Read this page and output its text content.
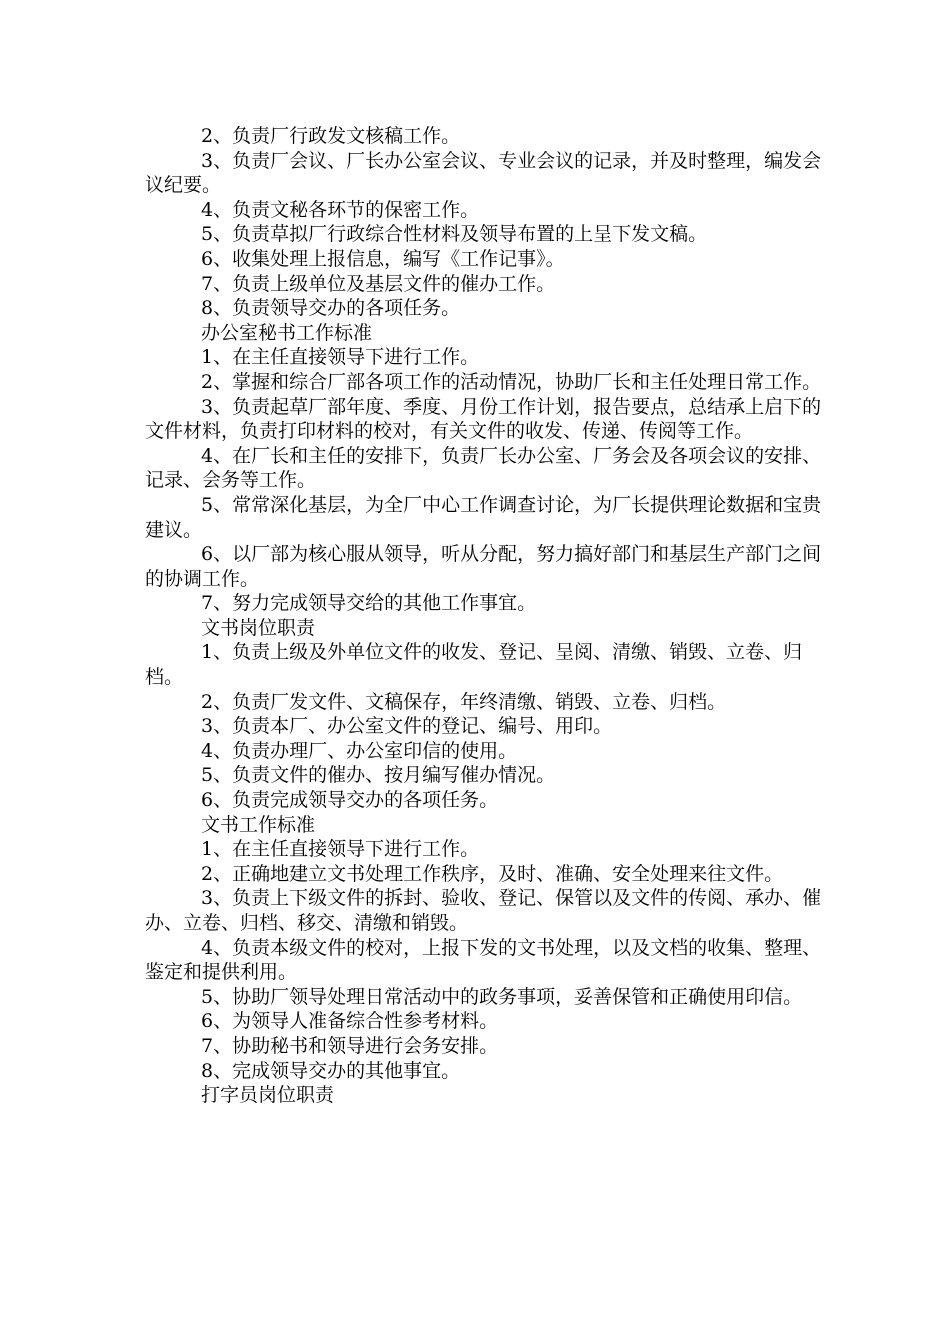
2、负责厂行政发文核稿工作。

3、负责厂会议、厂长办公室会议、专业会议的记录，并及时整理，编发会议纪要。

4、负责文秘各环节的保密工作。

5、负责草拟厂行政综合性材料及领导布置的上呈下发文稿。

6、收集处理上报信息，编写《工作记事》。

7、负责上级单位及基层文件的催办工作。

8、负责领导交办的各项任务。

办公室秘书工作标准

1、在主任直接领导下进行工作。

2、掌握和综合厂部各项工作的活动情况，协助厂长和主任处理日常工作。

3、负责起草厂部年度、季度、月份工作计划，报告要点，总结承上启下的文件材料，负责打印材料的校对，有关文件的收发、传递、传阅等工作。

4、在厂长和主任的安排下，负责厂长办公室、厂务会及各项会议的安排、记录、会务等工作。

5、常常深化基层，为全厂中心工作调查讨论，为厂长提供理论数据和宝贵建议。

6、以厂部为核心服从领导，听从分配，努力搞好部门和基层生产部门之间的协调工作。

7、努力完成领导交给的其他工作事宜。

文书岗位职责

1、负责上级及外单位文件的收发、登记、呈阅、清缴、销毁、立卷、归档。

2、负责厂发文件、文稿保存，年终清缴、销毁、立卷、归档。

3、负责本厂、办公室文件的登记、编号、用印。

4、负责办理厂、办公室印信的使用。

5、负责文件的催办、按月编写催办情况。

6、负责完成领导交办的各项任务。

文书工作标准

1、在主任直接领导下进行工作。

2、正确地建立文书处理工作秩序，及时、准确、安全处理来往文件。

3、负责上下级文件的拆封、验收、登记、保管以及文件的传阅、承办、催办、立卷、归档、移交、清缴和销毁。

4、负责本级文件的校对，上报下发的文书处理，以及文档的收集、整理、鉴定和提供利用。

5、协助厂领导处理日常活动中的政务事项，妥善保管和正确使用印信。

6、为领导人准备综合性参考材料。

7、协助秘书和领导进行会务安排。

8、完成领导交办的其他事宜。

打字员岗位职责
